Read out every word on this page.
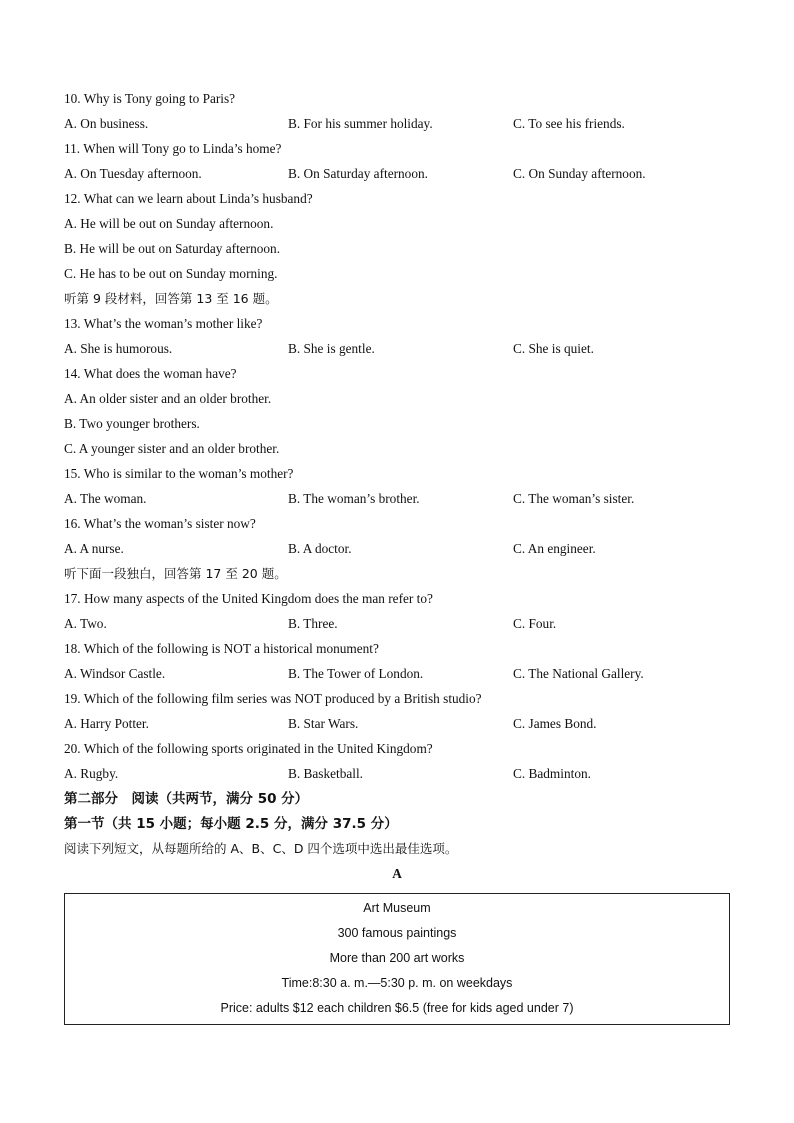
10. Why is Tony going to Paris?
A. On business.	B. For his summer holiday.	C. To see his friends.
11. When will Tony go to Linda’s home?
A. On Tuesday afternoon.	B. On Saturday afternoon.	C. On Sunday afternoon.
12. What can we learn about Linda’s husband?
A. He will be out on Sunday afternoon.
B. He will be out on Saturday afternoon.
C. He has to be out on Sunday morning.
听第 9 段材料，回答第 13 至 16 题。
13. What’s the woman’s mother like?
A. She is humorous.	B. She is gentle.	C. She is quiet.
14. What does the woman have?
A. An older sister and an older brother.
B. Two younger brothers.
C. A younger sister and an older brother.
15. Who is similar to the woman’s mother?
A. The woman.	B. The woman’s brother.	C. The woman’s sister.
16. What’s the woman’s sister now?
A. A nurse.	B. A doctor.	C. An engineer.
听下面一段独白，回答第 17 至 20 题。
17. How many aspects of the United Kingdom does the man refer to?
A. Two.	B. Three.	C. Four.
18. Which of the following is NOT a historical monument?
A. Windsor Castle.	B. The Tower of London.	C. The National Gallery.
19. Which of the following film series was NOT produced by a British studio?
A. Harry Potter.	B. Star Wars.	C. James Bond.
20. Which of the following sports originated in the United Kingdom?
A. Rugby.	B. Basketball.	C. Badminton.
第二部分　阅读（共两节，满分 50 分）
第一节（共 15 小题；每小题 2.5 分，满分 37.5 分）
阅读下列短文，从每题所给的 A、B、C、D 四个选项中选出最佳选项。
A
Art Museum
300 famous paintings
More than 200 art works
Time:8:30 a. m.—5:30 p. m. on weekdays
Price: adults $12 each children $6.5 (free for kids aged under 7)
